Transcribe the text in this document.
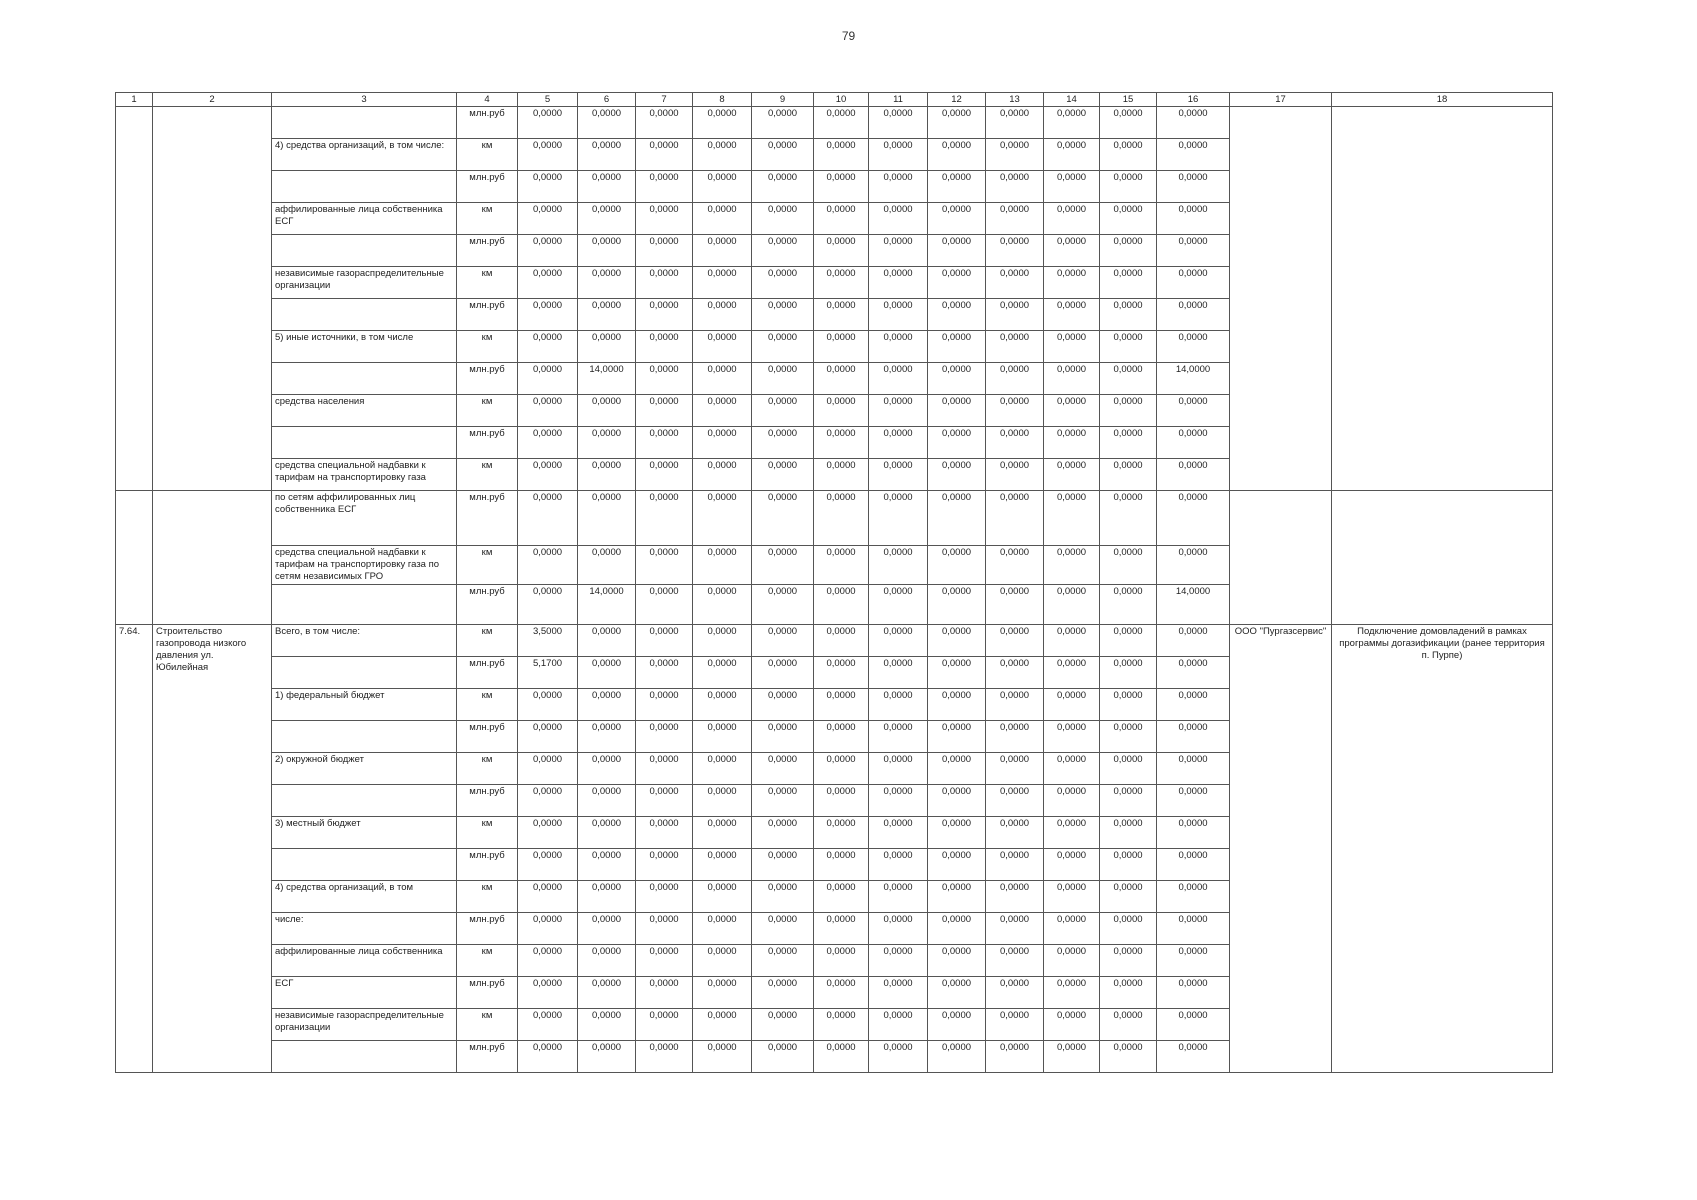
79
1	2	3	4	5	6	7	8	9	10	11	12	13	14	15	16	17	18
			млн.руб	0,0000	0,0000	0,0000	0,0000	0,0000	0,0000	0,0000	0,0000	0,0000	0,0000	0,0000	0,0000		
		4) средства организаций, в том числе:	км	0,0000	0,0000	0,0000	0,0000	0,0000	0,0000	0,0000	0,0000	0,0000	0,0000	0,0000	0,0000		
			млн.руб	0,0000	0,0000	0,0000	0,0000	0,0000	0,0000	0,0000	0,0000	0,0000	0,0000	0,0000	0,0000		
		аффилированные лица собственника ЕСГ	км	0,0000	0,0000	0,0000	0,0000	0,0000	0,0000	0,0000	0,0000	0,0000	0,0000	0,0000	0,0000		
			млн.руб	0,0000	0,0000	0,0000	0,0000	0,0000	0,0000	0,0000	0,0000	0,0000	0,0000	0,0000	0,0000		
		независимые газораспределительные организации	км	0,0000	0,0000	0,0000	0,0000	0,0000	0,0000	0,0000	0,0000	0,0000	0,0000	0,0000	0,0000		
			млн.руб	0,0000	0,0000	0,0000	0,0000	0,0000	0,0000	0,0000	0,0000	0,0000	0,0000	0,0000	0,0000		
		5) иные источники, в том числе	км	0,0000	0,0000	0,0000	0,0000	0,0000	0,0000	0,0000	0,0000	0,0000	0,0000	0,0000	0,0000		
			млн.руб	0,0000	14,0000	0,0000	0,0000	0,0000	0,0000	0,0000	0,0000	0,0000	0,0000	0,0000	14,0000		
		средства населения	км	0,0000	0,0000	0,0000	0,0000	0,0000	0,0000	0,0000	0,0000	0,0000	0,0000	0,0000	0,0000		
			млн.руб	0,0000	0,0000	0,0000	0,0000	0,0000	0,0000	0,0000	0,0000	0,0000	0,0000	0,0000	0,0000		
		средства специальной надбавки к тарифам на транспортировку газа	км	0,0000	0,0000	0,0000	0,0000	0,0000	0,0000	0,0000	0,0000	0,0000	0,0000	0,0000	0,0000		
		по сетям аффилированных лиц собственника ЕСГ	млн.руб	0,0000	0,0000	0,0000	0,0000	0,0000	0,0000	0,0000	0,0000	0,0000	0,0000	0,0000	0,0000		
		средства специальной надбавки к тарифам на транспортировку газа по сетям независимых ГРО	км	0,0000	0,0000	0,0000	0,0000	0,0000	0,0000	0,0000	0,0000	0,0000	0,0000	0,0000	0,0000		
			млн.руб	0,0000	14,0000	0,0000	0,0000	0,0000	0,0000	0,0000	0,0000	0,0000	0,0000	0,0000	14,0000		
7.64.	Строительство газопровода низкого давления ул. Юбилейная	Всего, в том числе:	км	3,5000	0,0000	0,0000	0,0000	0,0000	0,0000	0,0000	0,0000	0,0000	0,0000	0,0000	0,0000	ООО "Пургазсервис"	Подключение домовладений в рамках программы догазификации (ранее территория п. Пурпе)
			млн.руб	5,1700	0,0000	0,0000	0,0000	0,0000	0,0000	0,0000	0,0000	0,0000	0,0000	0,0000	0,0000		
		1) федеральный бюджет	км	0,0000	0,0000	0,0000	0,0000	0,0000	0,0000	0,0000	0,0000	0,0000	0,0000	0,0000	0,0000		
			млн.руб	0,0000	0,0000	0,0000	0,0000	0,0000	0,0000	0,0000	0,0000	0,0000	0,0000	0,0000	0,0000		
		2) окружной бюджет	км	0,0000	0,0000	0,0000	0,0000	0,0000	0,0000	0,0000	0,0000	0,0000	0,0000	0,0000	0,0000		
			млн.руб	0,0000	0,0000	0,0000	0,0000	0,0000	0,0000	0,0000	0,0000	0,0000	0,0000	0,0000	0,0000		
		3) местный бюджет	км	0,0000	0,0000	0,0000	0,0000	0,0000	0,0000	0,0000	0,0000	0,0000	0,0000	0,0000	0,0000		
			млн.руб	0,0000	0,0000	0,0000	0,0000	0,0000	0,0000	0,0000	0,0000	0,0000	0,0000	0,0000	0,0000		
		4) средства организаций, в том	км	0,0000	0,0000	0,0000	0,0000	0,0000	0,0000	0,0000	0,0000	0,0000	0,0000	0,0000	0,0000		
		числе:	млн.руб	0,0000	0,0000	0,0000	0,0000	0,0000	0,0000	0,0000	0,0000	0,0000	0,0000	0,0000	0,0000		
		аффилированные лица собственника	км	0,0000	0,0000	0,0000	0,0000	0,0000	0,0000	0,0000	0,0000	0,0000	0,0000	0,0000	0,0000		
		ЕСГ	млн.руб	0,0000	0,0000	0,0000	0,0000	0,0000	0,0000	0,0000	0,0000	0,0000	0,0000	0,0000	0,0000		
		независимые газораспределительные организации	км	0,0000	0,0000	0,0000	0,0000	0,0000	0,0000	0,0000	0,0000	0,0000	0,0000	0,0000	0,0000		
			млн.руб	0,0000	0,0000	0,0000	0,0000	0,0000	0,0000	0,0000	0,0000	0,0000	0,0000	0,0000	0,0000		
